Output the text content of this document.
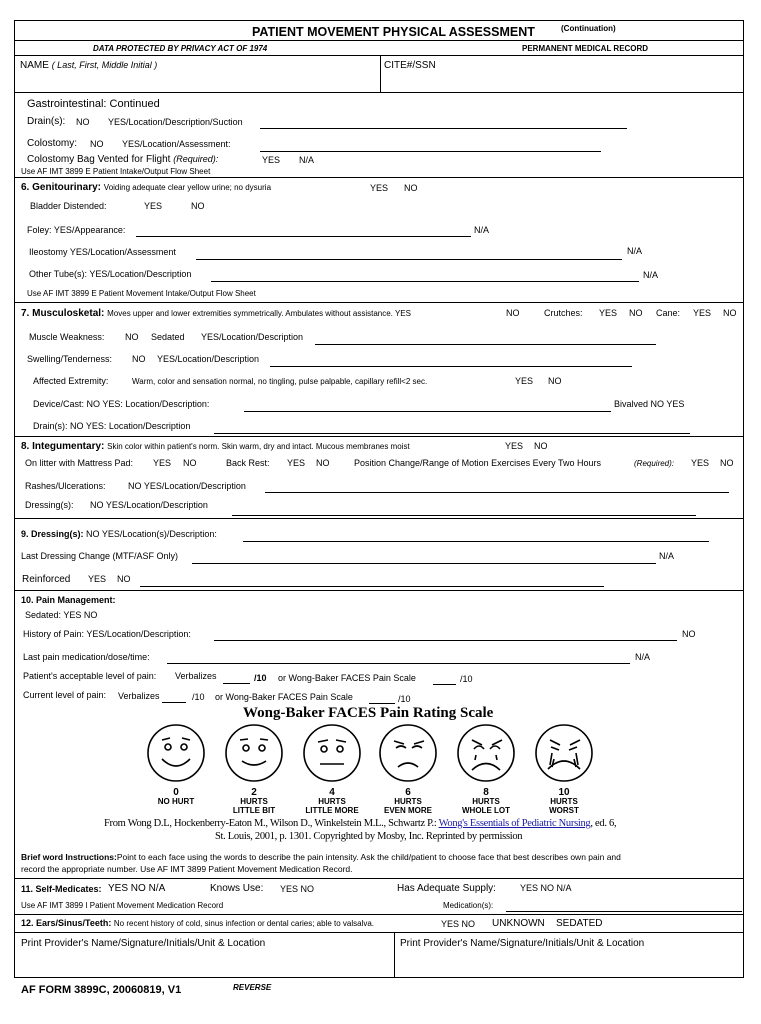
PATIENT MOVEMENT PHYSICAL ASSESSMENT	(Continuation)
DATA PROTECTED BY PRIVACY ACT OF 1974	PERMANENT MEDICAL RECORD
NAME ( Last, First, Middle Initial )	CITE#/SSN
Gastrointestinal: Continued
Drain(s): NO YES/Location/Description/Suction
Colostomy: NO YES/Location/Assessment:
Colostomy Bag Vented for Flight (Required):	YES N/A
Use AF IMT 3899 E Patient Intake/Output Flow Sheet
6. Genitourinary: Voiding adequate clear yellow urine; no dysuria	YES NO
Bladder Distended:	YES	NO
Foley: YES/Appearance:	N/A
Ileostomy YES/Location/Assessment	N/A
Other Tube(s): YES/Location/Description	N/A
Use AF IMT 3899 E Patient Movement Intake/Output Flow Sheet
7. Musculosketal: Moves upper and lower extremities symmetrically. Ambulates without assistance. YES	NO	Crutches: YES NO Cane: YES NO
Muscle Weakness: NO Sedated YES/Location/Description
Swelling/Tenderness: NO YES/Location/Description
Affected Extremity:	Warm, color and sensation normal, no tingling, pulse palpable, capillary refill<2 sec.	YES NO
Device/Cast: NO YES: Location/Description:	Bivalved NO YES
Drain(s): NO YES: Location/Description
8. Integumentary: Skin color within patient's norm. Skin warm, dry and intact. Mucous membranes moist	YES NO
On litter with Mattress Pad: YES NO	Back Rest: YES NO	Position Change/Range of Motion Exercises Every Two Hours	(Required): YES NO
Rashes/Ulcerations: NO YES/Location/Description
Dressing(s): NO YES/Location/Description
9. Dressing(s): NO YES/Location(s)/Description:
Last Dressing Change (MTF/ASF Only)	N/A
Reinforced YES NO
10. Pain Management:
Sedated: YES NO
History of Pain: YES/Location/Description:	NO
Last pain medication/dose/time:	N/A
Patient's acceptable level of pain: Verbalizes	/10 or Wong-Baker FACES Pain Scale	/10
Current level of pain: Verbalizes	/10 or Wong-Baker FACES Pain Scale	/10
Wong-Baker FACES Pain Rating Scale
0
NO HURT
2
HURTS
LITTLE BIT
4
HURTS
LITTLE MORE
6
HURTS
EVEN MORE
8
HURTS
WHOLE LOT
10
HURTS
WORST
From Wong D.L, Hockenberry-Eaton M., Wilson D., Winkelstein M.L., Schwartz P.: Wong's Essentials of Pediatric Nursing, ed. 6,
St. Louis, 2001, p. 1301. Copyrighted by Mosby, Inc. Reprinted by permission
Brief word Instructions:Point to each face using the words to describe the pain intensity. Ask the child/patient to choose face that best describes own pain and
record the appropriate number. Use AF IMT 3899 Patient Movement Medication Record.
11. Self-Medicates: YES NO N/A	Knows Use: YES NO	Has Adequate Supply:	YES NO N/A
Use AF IMT 3899 I Patient Movement Medication Record	Medication(s):
12. Ears/Sinus/Teeth: No recent history of cold, sinus infection or dental caries; able to valsalva.	YES NO UNKNOWN SEDATED
Print Provider's Name/Signature/Initials/Unit & Location	Print Provider's Name/Signature/Initials/Unit & Location
AF FORM 3899C, 20060819, V1	REVERSE
